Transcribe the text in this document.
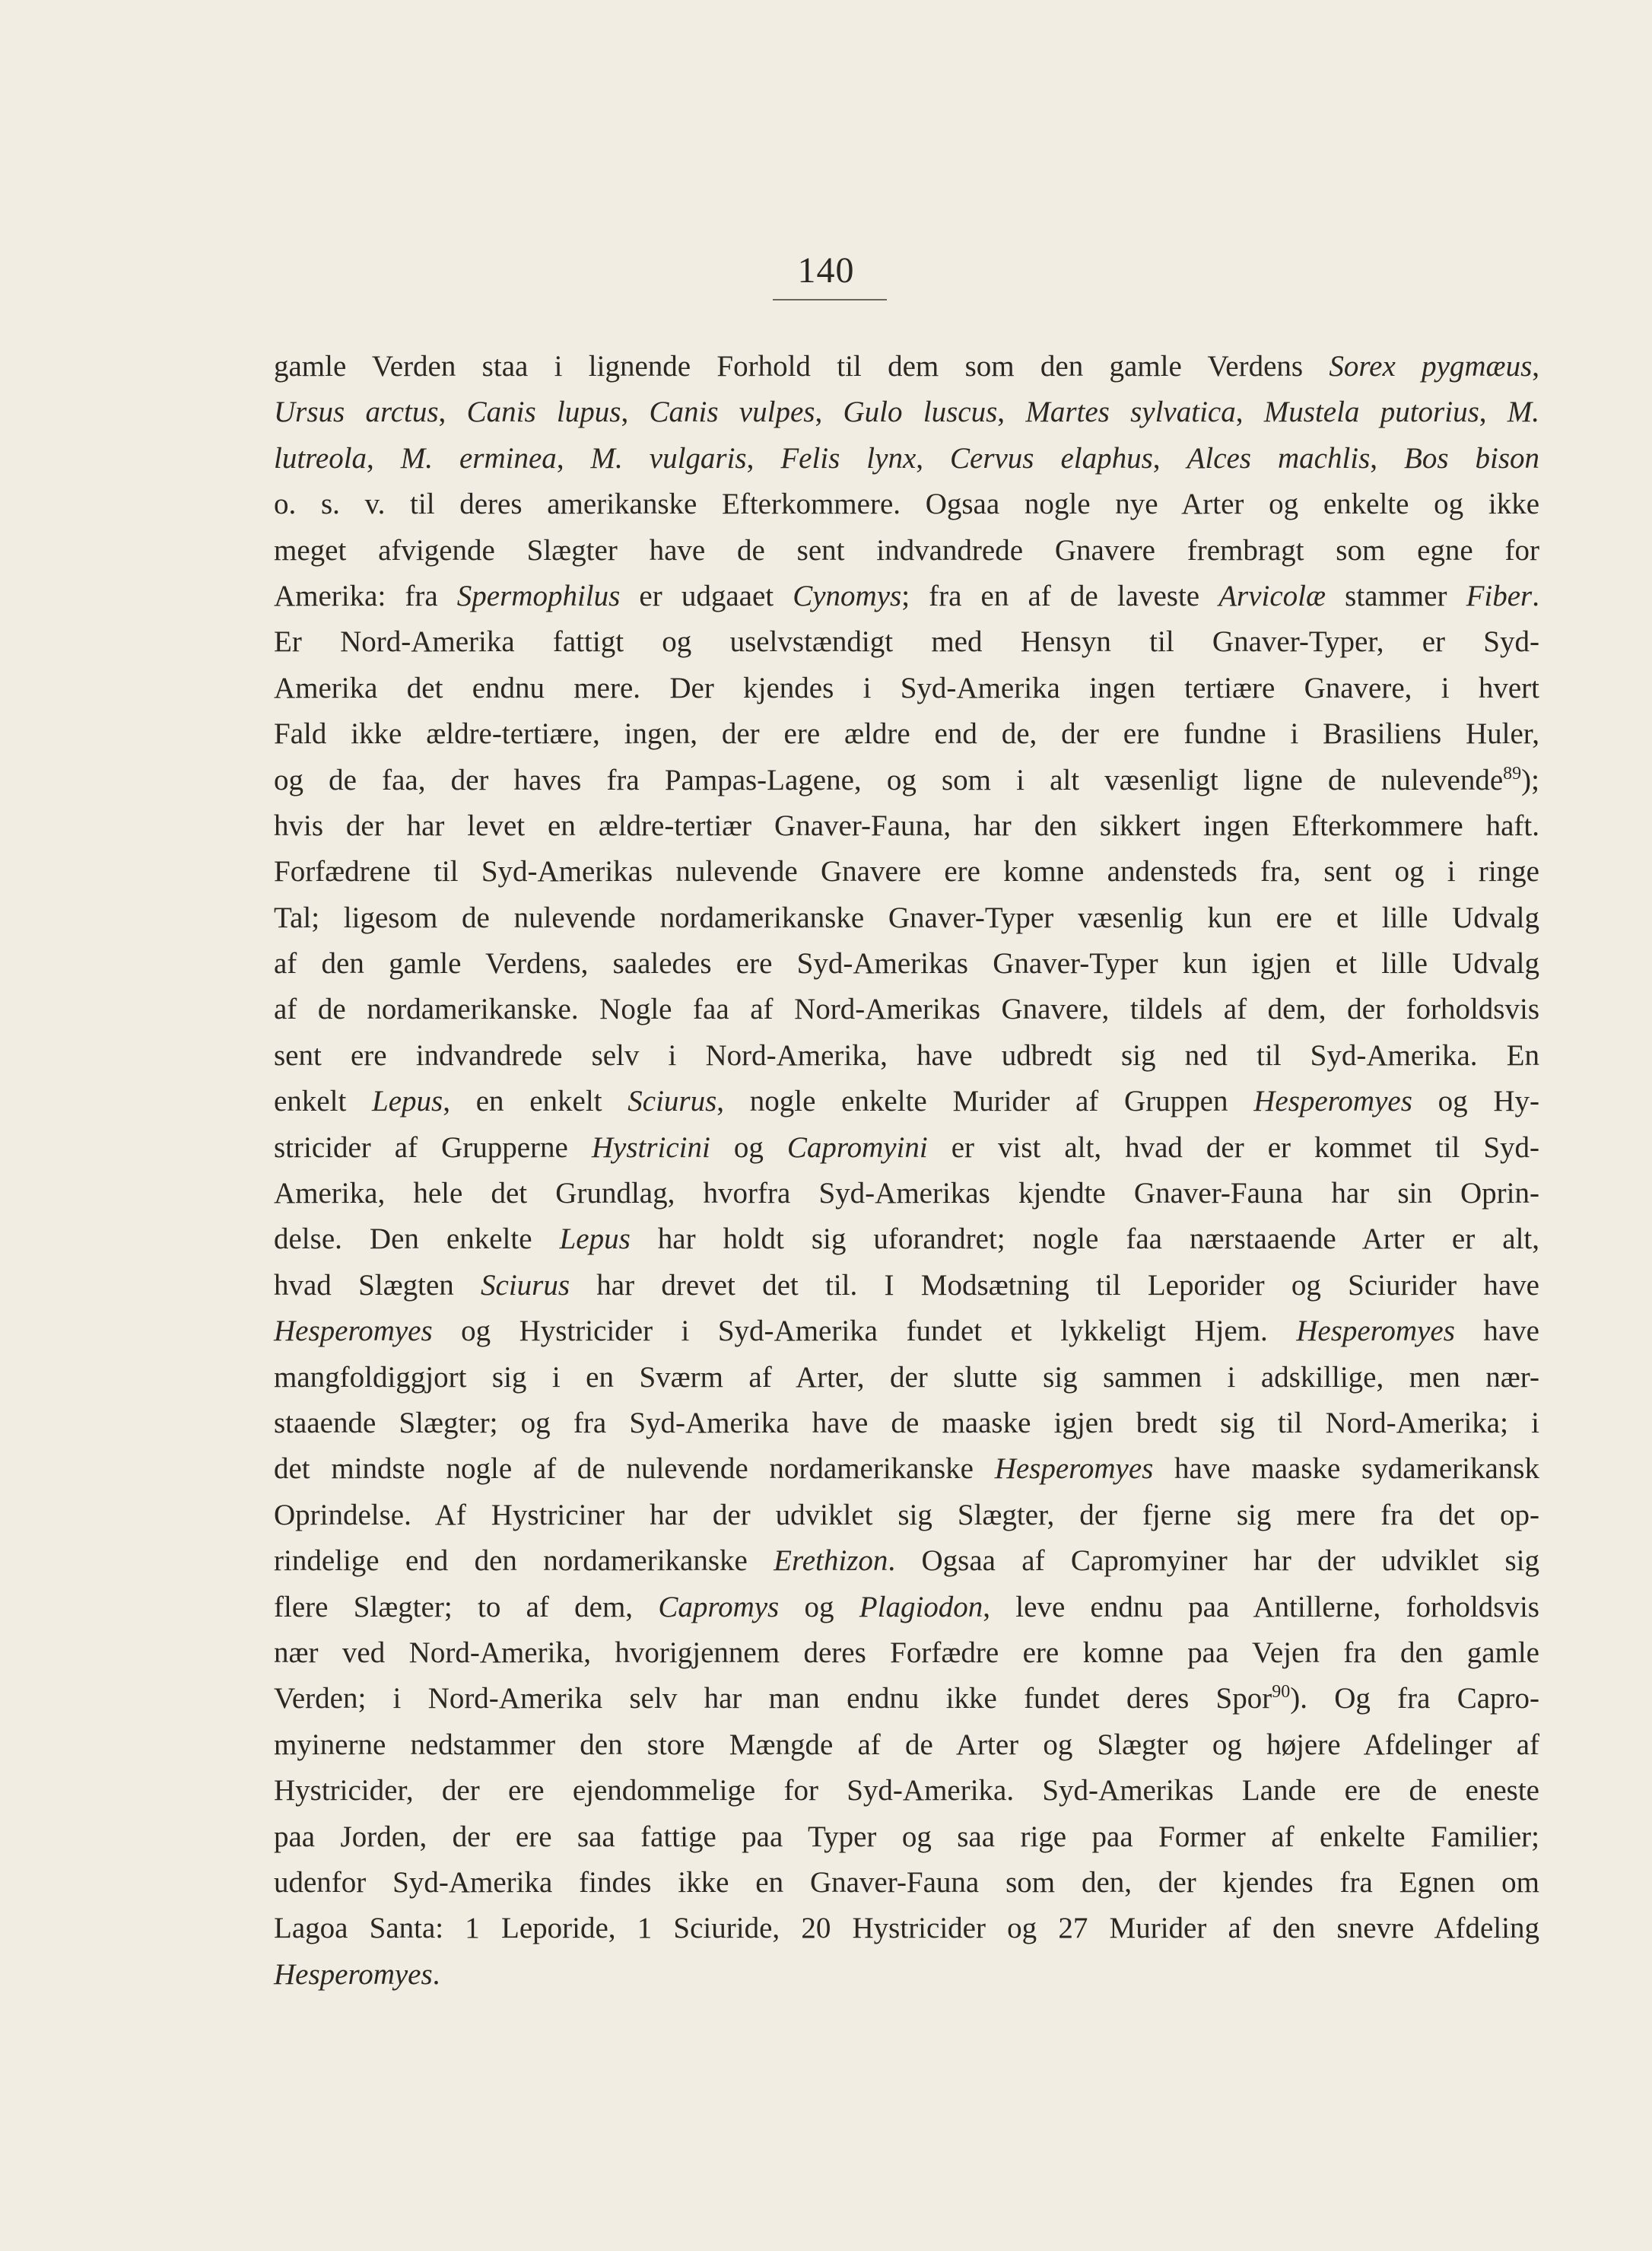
140
gamle Verden staa i lignende Forhold til dem som den gamle Verdens Sorex pygmæus,
Ursus arctus, Canis lupus, Canis vulpes, Gulo luscus, Martes sylvatica, Mustela putorius, M.
lutreola, M. erminea, M. vulgaris, Felis lynx, Cervus elaphus, Alces machlis, Bos bison
o. s. v. til deres amerikanske Efterkommere. Ogsaa nogle nye Arter og enkelte og ikke
meget afvigende Slægter have de sent indvandrede Gnavere frembragt som egne for
Amerika: fra Spermophilus er udgaaet Cynomys; fra en af de laveste Arvicolæ stammer Fiber.
Er Nord-Amerika fattigt og uselvstændigt med Hensyn til Gnaver-Typer, er Syd-
Amerika det endnu mere. Der kjendes i Syd-Amerika ingen tertiære Gnavere, i hvert
Fald ikke ældre-tertiære, ingen, der ere ældre end de, der ere fundne i Brasiliens Huler,
og de faa, der haves fra Pampas-Lagene, og som i alt væsenligt ligne de nulevende$^{89}$);
hvis der har levet en ældre-tertiær Gnaver-Fauna, har den sikkert ingen Efterkommere haft.
Forfædrene til Syd-Amerikas nulevende Gnavere ere komne andensteds fra, sent og i ringe
Tal; ligesom de nulevende nordamerikanske Gnaver-Typer væsenlig kun ere et lille Udvalg
af den gamle Verdens, saaledes ere Syd-Amerikas Gnaver-Typer kun igjen et lille Udvalg
af de nordamerikanske. Nogle faa af Nord-Amerikas Gnavere, tildels af dem, der forholdsvis
sent ere indvandrede selv i Nord-Amerika, have udbredt sig ned til Syd-Amerika. En
enkelt Lepus, en enkelt Sciurus, nogle enkelte Murider af Gruppen Hesperomyes og Hy-
stricider af Grupperne Hystricini og Capromyini er vist alt, hvad der er kommet til Syd-
Amerika, hele det Grundlag, hvorfra Syd-Amerikas kjendte Gnaver-Fauna har sin Oprin-
delse. Den enkelte Lepus har holdt sig uforandret; nogle faa nærstaaende Arter er alt,
hvad Slægten Sciurus har drevet det til. I Modsætning til Leporider og Sciurider have
Hesperomyes og Hystricider i Syd-Amerika fundet et lykkeligt Hjem. Hesperomyes have
mangfoldiggjort sig i en Sværm af Arter, der slutte sig sammen i adskillige, men nær-
staaende Slægter; og fra Syd-Amerika have de maaske igjen bredt sig til Nord-Amerika; i
det mindste nogle af de nulevende nordamerikanske Hesperomyes have maaske sydamerikansk
Oprindelse. Af Hystriciner har der udviklet sig Slægter, der fjerne sig mere fra det op-
rindelige end den nordamerikanske Erethizon. Ogsaa af Capromyiner har der udviklet sig
flere Slægter; to af dem, Capromys og Plagiodon, leve endnu paa Antillerne, forholdsvis
nær ved Nord-Amerika, hvorigjennem deres Forfædre ere komne paa Vejen fra den gamle
Verden; i Nord-Amerika selv har man endnu ikke fundet deres Spor$^{90}$). Og fra Capro-
myinerne nedstammer den store Mængde af de Arter og Slægter og højere Afdelinger af
Hystricider, der ere ejendommelige for Syd-Amerika. Syd-Amerikas Lande ere de eneste
paa Jorden, der ere saa fattige paa Typer og saa rige paa Former af enkelte Familier;
udenfor Syd-Amerika findes ikke en Gnaver-Fauna som den, der kjendes fra Egnen om
Lagoa Santa: 1 Leporide, 1 Sciuride, 20 Hystricider og 27 Murider af den snevre Afdeling
Hesperomyes.
